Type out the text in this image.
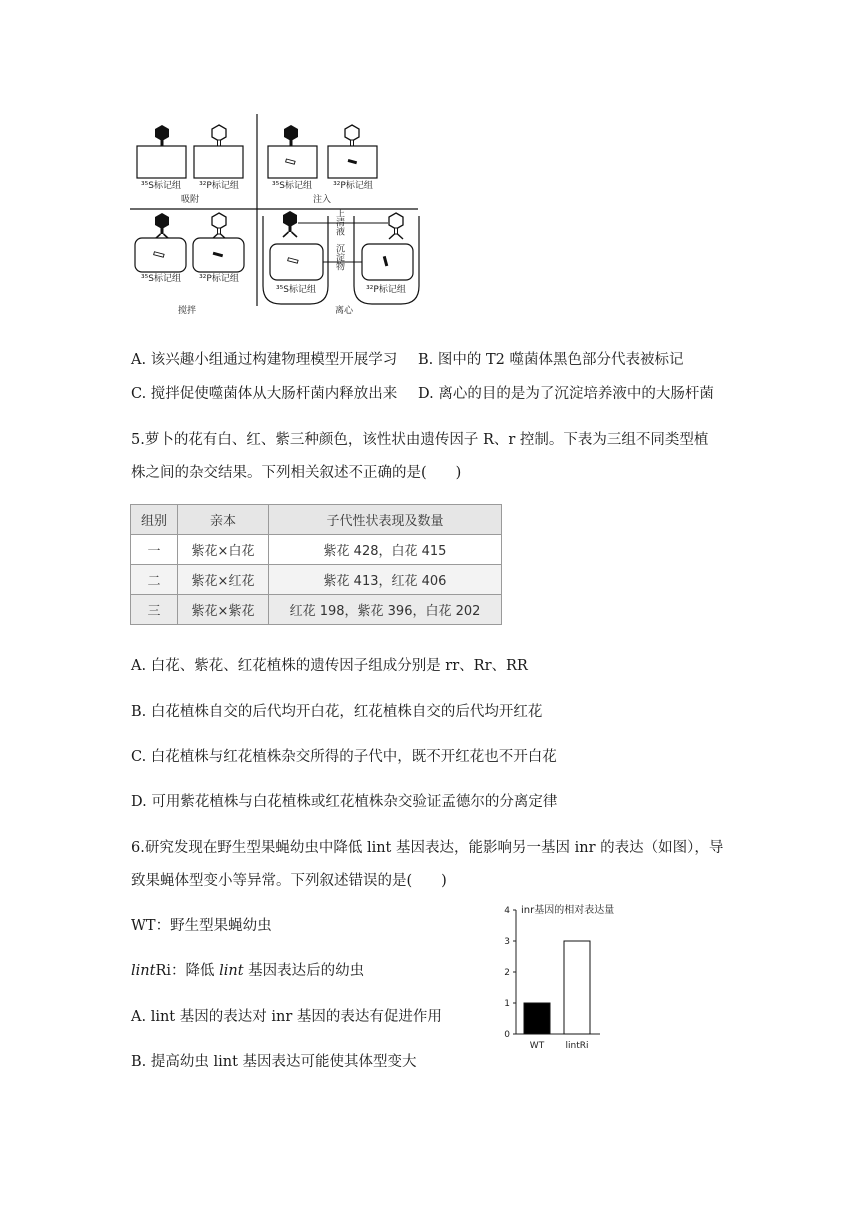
³⁵S标记组 ³²P标记组
吸附
³⁵S标记组 ³²P标记组
注入
³⁵S标记组 ³²P标记组
搅拌
上清液
沉淀物
³⁵S标记组	³²P标记组
离心
A. 该兴趣小组通过构建物理模型开展学习 B. 图中的 T2 噬菌体黑色部分代表被标记
C. 搅拌促使噬菌体从大肠杆菌内释放出来 D. 离心的目的是为了沉淀培养液中的大肠杆菌
5.萝卜的花有白、红、紫三种颜色，该性状由遗传因子 R、r 控制。下表为三组不同类型植
株之间的杂交结果。下列相关叙述不正确的是(　　)
组别	亲本	子代性状表现及数量
一	紫花×白花	紫花 428，白花 415
二	紫花×红花	紫花 413，红花 406
三	紫花×紫花	红花 198，紫花 396，白花 202
A. 白花、紫花、红花植株的遗传因子组成分别是 rr、Rr、RR
B. 白花植株自交的后代均开白花，红花植株自交的后代均开红花
C. 白花植株与红花植株杂交所得的子代中，既不开红花也不开白花
D. 可用紫花植株与白花植株或红花植株杂交验证孟德尔的分离定律
6.研究发现在野生型果蝇幼虫中降低 lint 基因表达，能影响另一基因 inr 的表达（如图），导
致果蝇体型变小等异常。下列叙述错误的是(　　)
WT：野生型果蝇幼虫
lintRi：降低 lint 基因表达后的幼虫
A. lint 基因的表达对 inr 基因的表达有促进作用
B. 提高幼虫 lint 基因表达可能使其体型变大
0
1
2
3
4 inr基因的相对表达量
WT lintRi
